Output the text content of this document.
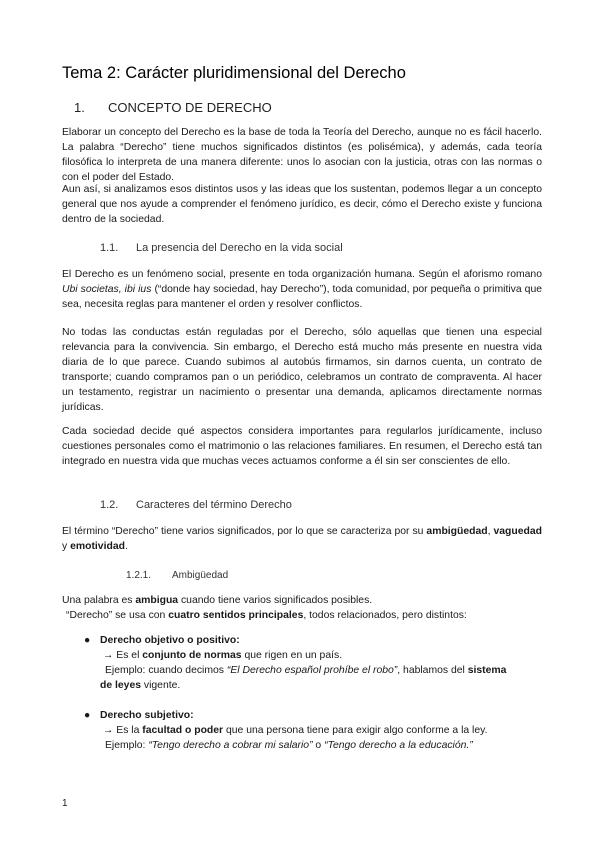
Tema 2: Carácter pluridimensional del Derecho
1. CONCEPTO DE DERECHO

Elaborar un concepto del Derecho es la base de toda la Teoría del Derecho, aunque no es fácil hacerlo. La palabra “Derecho” tiene muchos significados distintos (es polisémica), y además, cada teoría filosófica lo interpreta de una manera diferente: unos lo asocian con la justicia, otras con las normas o con el poder del Estado.

Aun así, si analizamos esos distintos usos y las ideas que los sustentan, podemos llegar a un concepto general que nos ayude a comprender el fenómeno jurídico, es decir, cómo el Derecho existe y funciona dentro de la sociedad.

1.1. La presencia del Derecho en la vida social

El Derecho es un fenómeno social, presente en toda organización humana. Según el aforismo romano Ubi societas, ibi ius (“donde hay sociedad, hay Derecho”), toda comunidad, por pequeña o primitiva que sea, necesita reglas para mantener el orden y resolver conflictos.

No todas las conductas están reguladas por el Derecho, sólo aquellas que tienen una especial relevancia para la convivencia. Sin embargo, el Derecho está mucho más presente en nuestra vida diaria de lo que parece. Cuando subimos al autobús firmamos, sin darnos cuenta, un contrato de transporte; cuando compramos pan o un periódico, celebramos un contrato de compraventa. Al hacer un testamento, registrar un nacimiento o presentar una demanda, aplicamos directamente normas jurídicas.

Cada sociedad decide qué aspectos considera importantes para regularlos jurídicamente, incluso cuestiones personales como el matrimonio o las relaciones familiares. En resumen, el Derecho está tan integrado en nuestra vida que muchas veces actuamos conforme a él sin ser conscientes de ello.

1.2. Caracteres del término Derecho

El término “Derecho” tiene varios significados, por lo que se caracteriza por su ambigüedad, vaguedad y emotividad.

1.2.1. Ambigüedad
Una palabra es ambigua cuando tiene varios significados posibles.
“Derecho” se usa con cuatro sentidos principales, todos relacionados, pero distintos:
● Derecho objetivo o positivo:
→ Es el conjunto de normas que rigen en un país.
Ejemplo: cuando decimos “El Derecho español prohíbe el robo”, hablamos del sistema
de leyes vigente.
● Derecho subjetivo:
→ Es la facultad o poder que una persona tiene para exigir algo conforme a la ley.
Ejemplo: “Tengo derecho a cobrar mi salario” o “Tengo derecho a la educación.”
1
